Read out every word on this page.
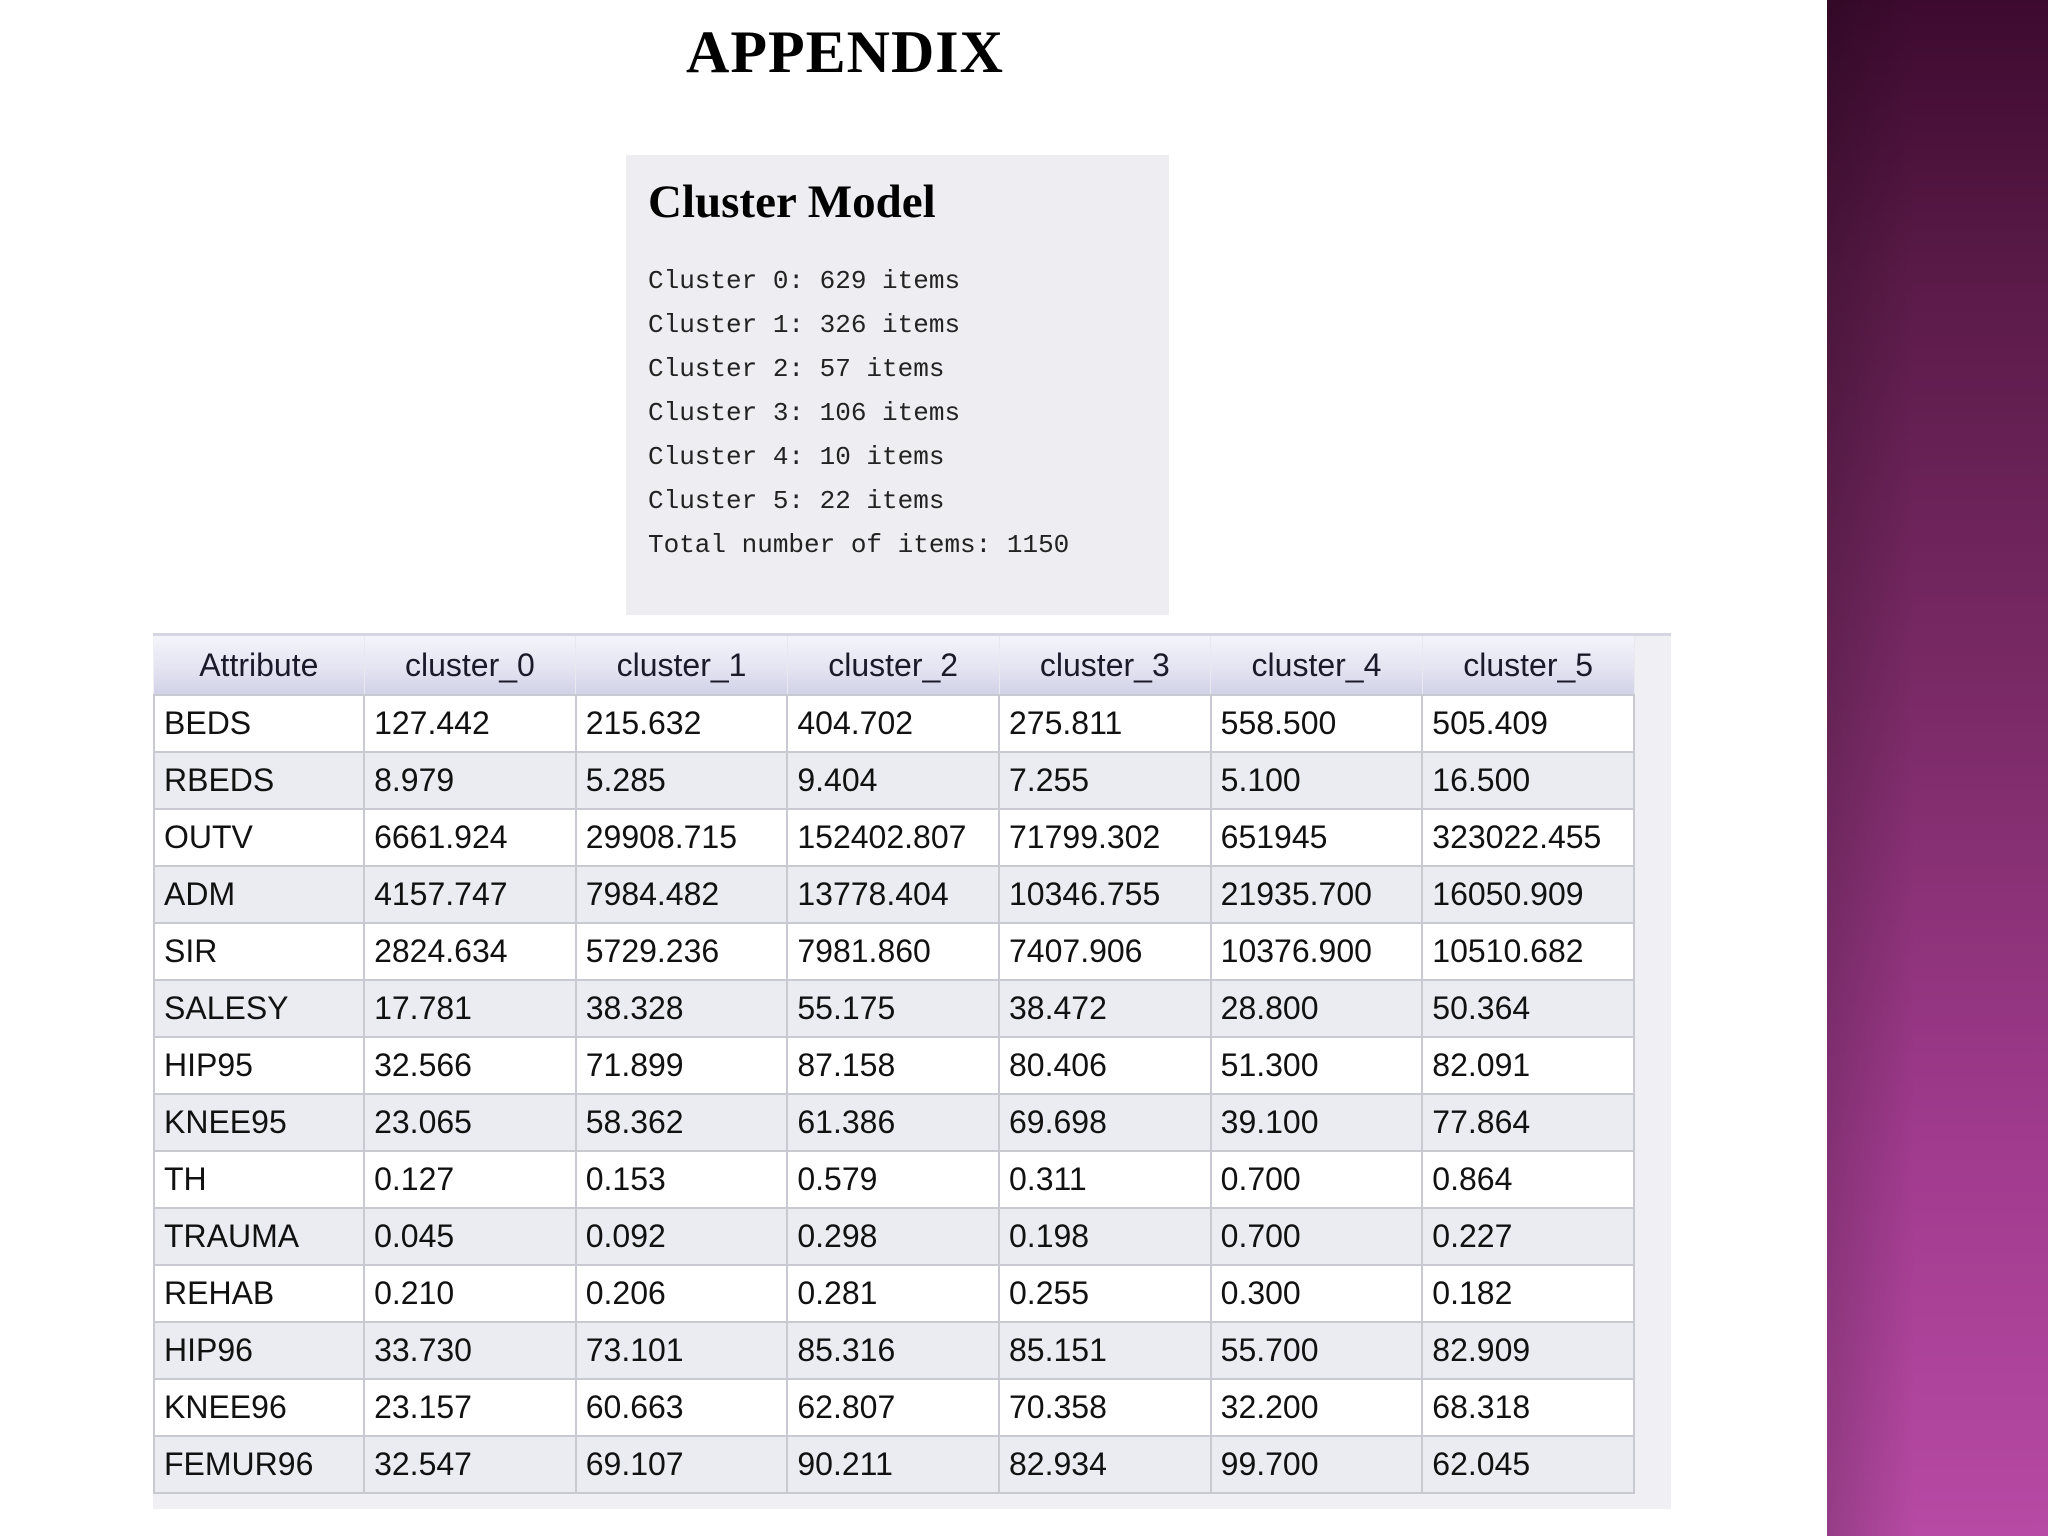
APPENDIX
Cluster Model
Cluster 0: 629 items
Cluster 1: 326 items
Cluster 2: 57 items
Cluster 3: 106 items
Cluster 4: 10 items
Cluster 5: 22 items
Total number of items: 1150
Attribute	cluster_0	cluster_1	cluster_2	cluster_3	cluster_4	cluster_5
BEDS	127.442	215.632	404.702	275.811	558.500	505.409
RBEDS	8.979	5.285	9.404	7.255	5.100	16.500
OUTV	6661.924	29908.715	152402.807	71799.302	651945	323022.455
ADM	4157.747	7984.482	13778.404	10346.755	21935.700	16050.909
SIR	2824.634	5729.236	7981.860	7407.906	10376.900	10510.682
SALESY	17.781	38.328	55.175	38.472	28.800	50.364
HIP95	32.566	71.899	87.158	80.406	51.300	82.091
KNEE95	23.065	58.362	61.386	69.698	39.100	77.864
TH	0.127	0.153	0.579	0.311	0.700	0.864
TRAUMA	0.045	0.092	0.298	0.198	0.700	0.227
REHAB	0.210	0.206	0.281	0.255	0.300	0.182
HIP96	33.730	73.101	85.316	85.151	55.700	82.909
KNEE96	23.157	60.663	62.807	70.358	32.200	68.318
FEMUR96	32.547	69.107	90.211	82.934	99.700	62.045
